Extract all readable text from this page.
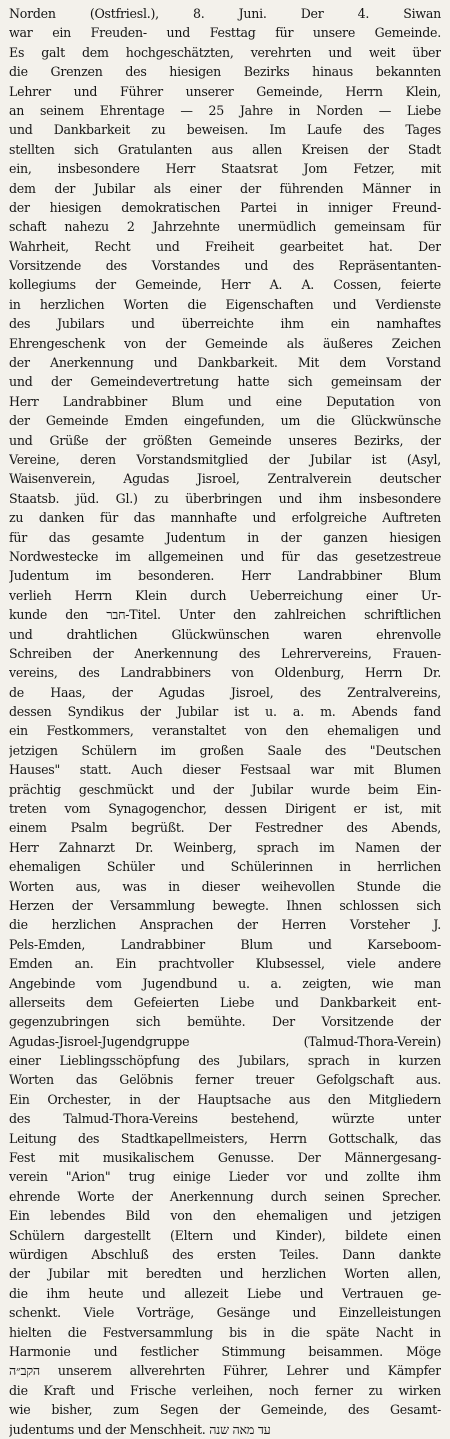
Norden (Ostfriesl.), 8. Juni. Der 4. Siwan
war ein Freuden- und Festtag für unsere Gemeinde.
Es galt dem hochgeschätzten, verehrten und weit über
die Grenzen des hiesigen Bezirks hinaus bekannten
Lehrer und Führer unserer Gemeinde, Herrn Klein,
an seinem Ehrentage — 25 Jahre in Norden — Liebe
und Dankbarkeit zu beweisen. Im Laufe des Tages
stellten sich Gratulanten aus allen Kreisen der Stadt
ein, insbesondere Herr Staatsrat Jom Fetzer, mit
dem der Jubilar als einer der führenden Männer in
der hiesigen demokratischen Partei in inniger Freund-
schaft nahezu 2 Jahrzehnte unermüdlich gemeinsam für
Wahrheit, Recht und Freiheit gearbeitet hat. Der
Vorsitzende des Vorstandes und des Repräsentanten-
kollegiums der Gemeinde, Herr A. A. Cossen, feierte
in herzlichen Worten die Eigenschaften und Verdienste
des Jubilars und überreichte ihm ein namhaftes
Ehrengeschenk von der Gemeinde als äußeres Zeichen
der Anerkennung und Dankbarkeit. Mit dem Vorstand
und der Gemeindevertretung hatte sich gemeinsam der
Herr Landrabbiner Blum und eine Deputation von
der Gemeinde Emden eingefunden, um die Glückwünsche
und Grüße der größten Gemeinde unseres Bezirks, der
Vereine, deren Vorstandsmitglied der Jubilar ist (Asyl,
Waisenverein, Agudas Jisroel, Zentralverein deutscher
Staatsb. jüd. Gl.) zu überbringen und ihm insbesondere
zu danken für das mannhafte und erfolgreiche Auftreten
für das gesamte Judentum in der ganzen hiesigen
Nordwestecke im allgemeinen und für das gesetzestreue
Judentum im besonderen. Herr Landrabbiner Blum
verlieh Herrn Klein durch Ueberreichung einer Ur-
kunde den חבר-Titel. Unter den zahlreichen schriftlichen
und drahtlichen Glückwünschen waren ehrenvolle
Schreiben der Anerkennung des Lehrervereins, Frauen-
vereins, des Landrabbiners von Oldenburg, Herrn Dr.
de Haas, der Agudas Jisroel, des Zentralvereins,
dessen Syndikus der Jubilar ist u. a. m. Abends fand
ein Festkommers, veranstaltet von den ehemaligen und
jetzigen Schülern im großen Saale des "Deutschen
Hauses" statt. Auch dieser Festsaal war mit Blumen
prächtig geschmückt und der Jubilar wurde beim Ein-
treten vom Synagogenchor, dessen Dirigent er ist, mit
einem Psalm begrüßt. Der Festredner des Abends,
Herr Zahnarzt Dr. Weinberg, sprach im Namen der
ehemaligen Schüler und Schülerinnen in herrlichen
Worten aus, was in dieser weihevollen Stunde die
Herzen der Versammlung bewegte. Ihnen schlossen sich
die herzlichen Ansprachen der Herren Vorsteher J.
Pels-Emden, Landrabbiner Blum und Karseboom-
Emden an. Ein prachtvoller Klubsessel, viele andere
Angebinde vom Jugendbund u. a. zeigten, wie man
allerseits dem Gefeierten Liebe und Dankbarkeit ent-
gegenzubringen sich bemühte. Der Vorsitzende der
Agudas-Jisroel-Jugendgruppe (Talmud-Thora-Verein)
einer Lieblingsschöpfung des Jubilars, sprach in kurzen
Worten das Gelöbnis ferner treuer Gefolgschaft aus.
Ein Orchester, in der Hauptsache aus den Mitgliedern
des Talmud-Thora-Vereins bestehend, würzte unter
Leitung des Stadtkapellmeisters, Herrn Gottschalk, das
Fest mit musikalischem Genusse. Der Männergesang-
verein "Arion" trug einige Lieder vor und zollte ihm
ehrende Worte der Anerkennung durch seinen Sprecher.
Ein lebendes Bild von den ehemaligen und jetzigen
Schülern dargestellt (Eltern und Kinder), bildete einen
würdigen Abschluß des ersten Teiles. Dann dankte
der Jubilar mit beredten und herzlichen Worten allen,
die ihm heute und allezeit Liebe und Vertrauen ge-
schenkt. Viele Vorträge, Gesänge und Einzelleistungen
hielten die Festversammlung bis in die späte Nacht in
Harmonie und festlicher Stimmung beisammen. Möge
הקב״ה unserem allverehrten Führer, Lehrer und Kämpfer
die Kraft und Frische verleihen, noch ferner zu wirken
wie bisher, zum Segen der Gemeinde, des Gesamt-
judentums und der Menschheit. עד מאה שנה
